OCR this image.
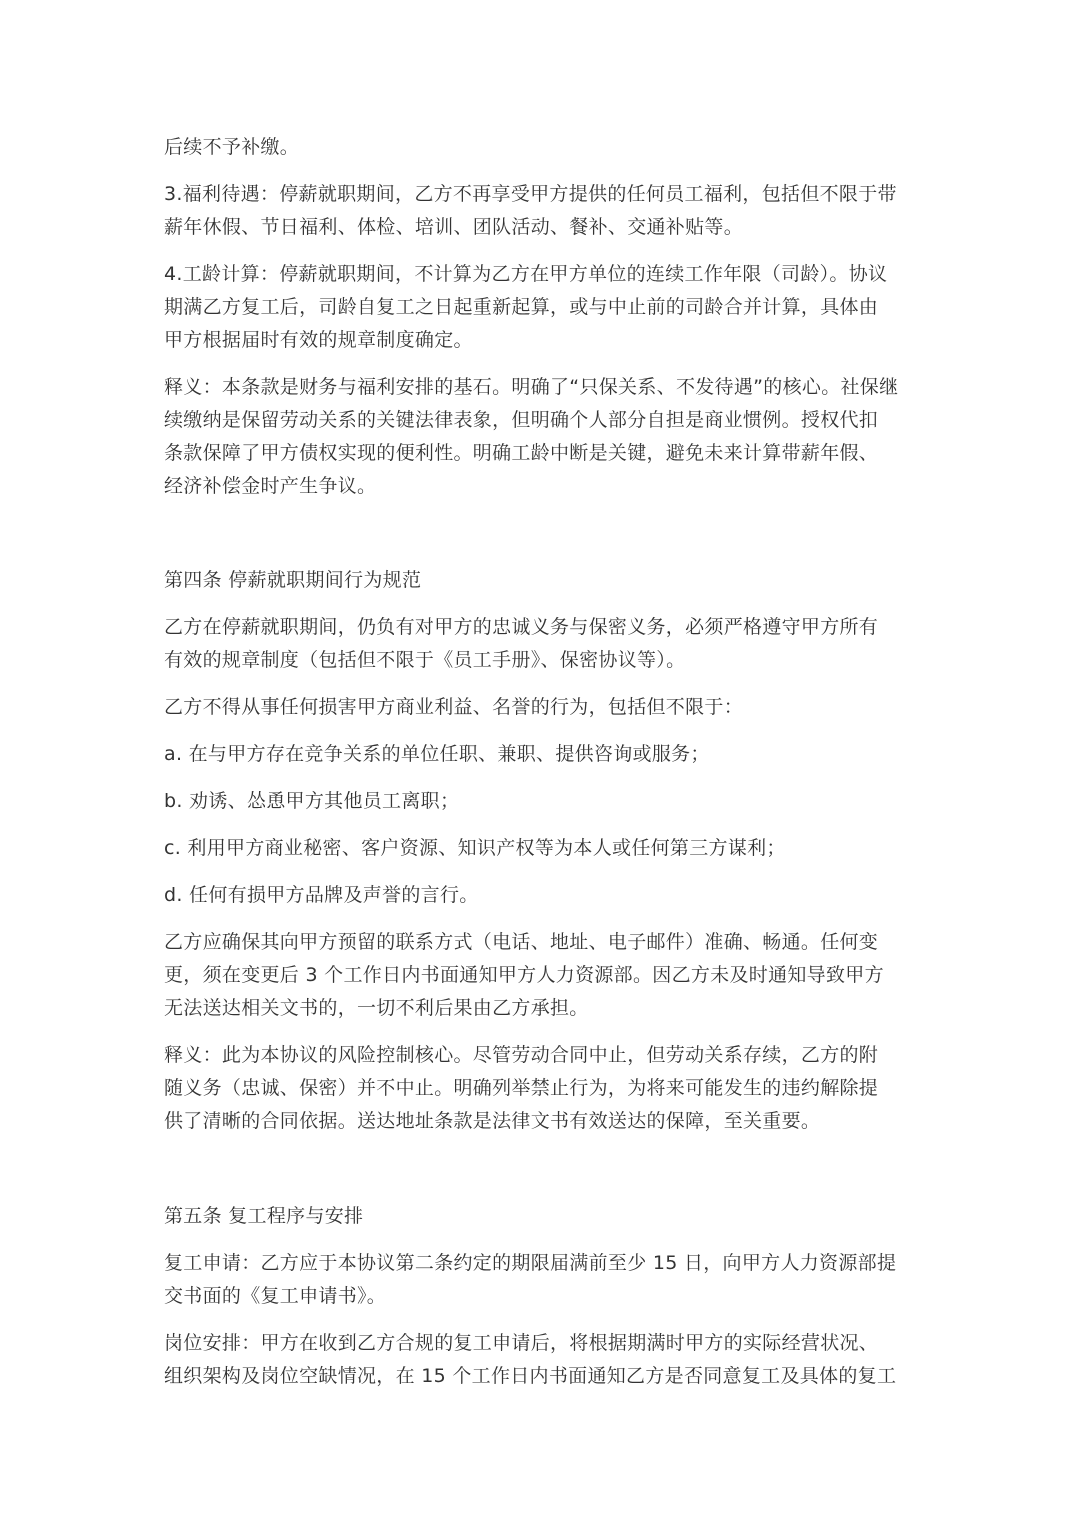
后续不予补缴。
3.福利待遇：停薪就职期间，乙方不再享受甲方提供的任何员工福利，包括但不限于带
薪年休假、节日福利、体检、培训、团队活动、餐补、交通补贴等。
4.工龄计算：停薪就职期间，不计算为乙方在甲方单位的连续工作年限（司龄）。协议
期满乙方复工后，司龄自复工之日起重新起算，或与中止前的司龄合并计算，具体由
甲方根据届时有效的规章制度确定。
释义：本条款是财务与福利安排的基石。明确了“只保关系、不发待遇”的核心。社保继
续缴纳是保留劳动关系的关键法律表象，但明确个人部分自担是商业惯例。授权代扣
条款保障了甲方债权实现的便利性。明确工龄中断是关键，避免未来计算带薪年假、
经济补偿金时产生争议。
第四条 停薪就职期间行为规范
乙方在停薪就职期间，仍负有对甲方的忠诚义务与保密义务，必须严格遵守甲方所有
有效的规章制度（包括但不限于《员工手册》、保密协议等）。
乙方不得从事任何损害甲方商业利益、名誉的行为，包括但不限于：
a. 在与甲方存在竞争关系的单位任职、兼职、提供咨询或服务；
b. 劝诱、怂恿甲方其他员工离职；
c. 利用甲方商业秘密、客户资源、知识产权等为本人或任何第三方谋利；
d. 任何有损甲方品牌及声誉的言行。
乙方应确保其向甲方预留的联系方式（电话、地址、电子邮件）准确、畅通。任何变
更，须在变更后 3 个工作日内书面通知甲方人力资源部。因乙方未及时通知导致甲方
无法送达相关文书的，一切不利后果由乙方承担。
释义：此为本协议的风险控制核心。尽管劳动合同中止，但劳动关系存续，乙方的附
随义务（忠诚、保密）并不中止。明确列举禁止行为，为将来可能发生的违约解除提
供了清晰的合同依据。送达地址条款是法律文书有效送达的保障，至关重要。
第五条 复工程序与安排
复工申请：乙方应于本协议第二条约定的期限届满前至少 15 日，向甲方人力资源部提
交书面的《复工申请书》。
岗位安排：甲方在收到乙方合规的复工申请后，将根据期满时甲方的实际经营状况、
组织架构及岗位空缺情况，在 15 个工作日内书面通知乙方是否同意复工及具体的复工
